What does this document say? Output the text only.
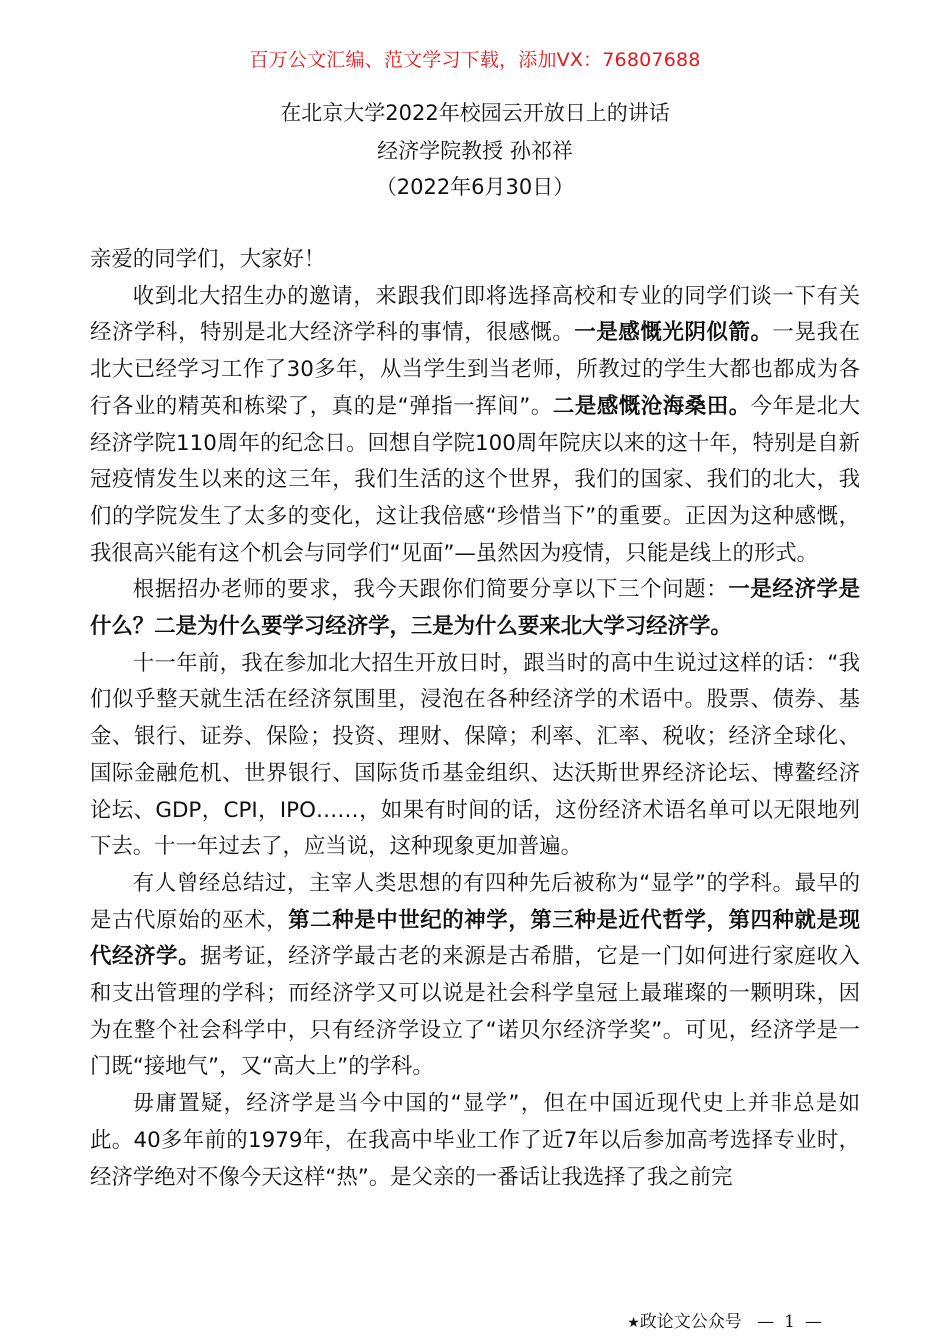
百万公文汇编、范文学习下载，添加VX：76807688
在北京大学2022年校园云开放日上的讲话
经济学院教授 孙祁祥
（2022年6月30日）

亲爱的同学们，大家好！

收到北大招生办的邀请，来跟我们即将选择高校和专业的同学们谈一下有关经济学科，特别是北大经济学科的事情，很感慨。一是感慨光阴似箭。一晃我在北大已经学习工作了30多年，从当学生到当老师，所教过的学生大都也都成为各行各业的精英和栋梁了，真的是“弹指一挥间”。二是感慨沧海桑田。今年是北大经济学院110周年的纪念日。回想自学院100周年院庆以来的这十年，特别是自新冠疫情发生以来的这三年，我们生活的这个世界，我们的国家、我们的北大，我们的学院发生了太多的变化，这让我倍感“珍惜当下”的重要。正因为这种感慨，我很高兴能有这个机会与同学们“见面”—虽然因为疫情，只能是线上的形式。

根据招办老师的要求，我今天跟你们简要分享以下三个问题：一是经济学是什么？二是为什么要学习经济学，三是为什么要来北大学习经济学。

十一年前，我在参加北大招生开放日时，跟当时的高中生说过这样的话：“我们似乎整天就生活在经济氛围里，浸泡在各种经济学的术语中。股票、债券、基金、银行、证券、保险；投资、理财、保障；利率、汇率、税收；经济全球化、国际金融危机、世界银行、国际货币基金组织、达沃斯世界经济论坛、博鳌经济论坛、GDP，CPI，IPO……，如果有时间的话，这份经济术语名单可以无限地列下去。十一年过去了，应当说，这种现象更加普遍。

有人曾经总结过，主宰人类思想的有四种先后被称为“显学”的学科。最早的是古代原始的巫术，第二种是中世纪的神学，第三种是近代哲学，第四种就是现代经济学。据考证，经济学最古老的来源是古希腊，它是一门如何进行家庭收入和支出管理的学科；而经济学又可以说是社会科学皇冠上最璀璨的一颗明珠，因为在整个社会科学中，只有经济学设立了“诺贝尔经济学奖”。可见，经济学是一门既“接地气”，又“高大上”的学科。

毋庸置疑，经济学是当今中国的“显学”，但在中国近现代史上并非总是如此。40多年前的1979年，在我高中毕业工作了近7年以后参加高考选择专业时，经济学绝对不像今天这样“热”。是父亲的一番话让我选择了我之前完

★政论文公众号 — 1 —
